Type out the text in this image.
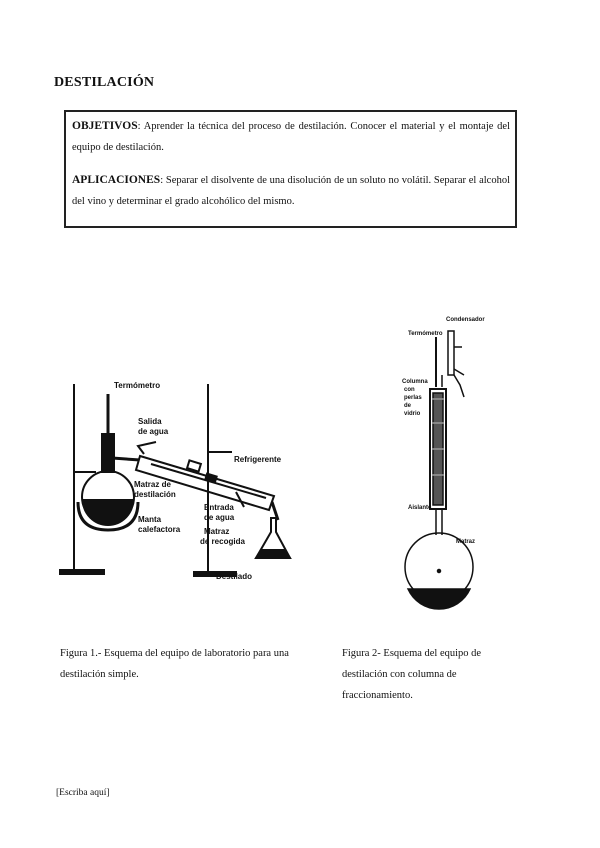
DESTILACIÓN

OBJETIVOS: Aprender la técnica del proceso de destilación. Conocer el material y el montaje del equipo de destilación.

APLICACIONES: Separar el disolvente de una disolución de un soluto no volátil. Separar el alcohol del vino y determinar el grado alcohólico del mismo.

Termómetro
Salida
de agua
Refrigerente
Matraz de
destilación
Entrada
de agua
Manta
calefactora	Matraz
de recogida
Destilado
Condensador
Termómetro
Columna
con
perlas
de
vidrio
Aislante
Matraz

Figura 1.- Esquema del equipo de laboratorio para una destilación simple.

Figura 2- Esquema del equipo de destilación con columna de fraccionamiento.

[Escriba aquí]
